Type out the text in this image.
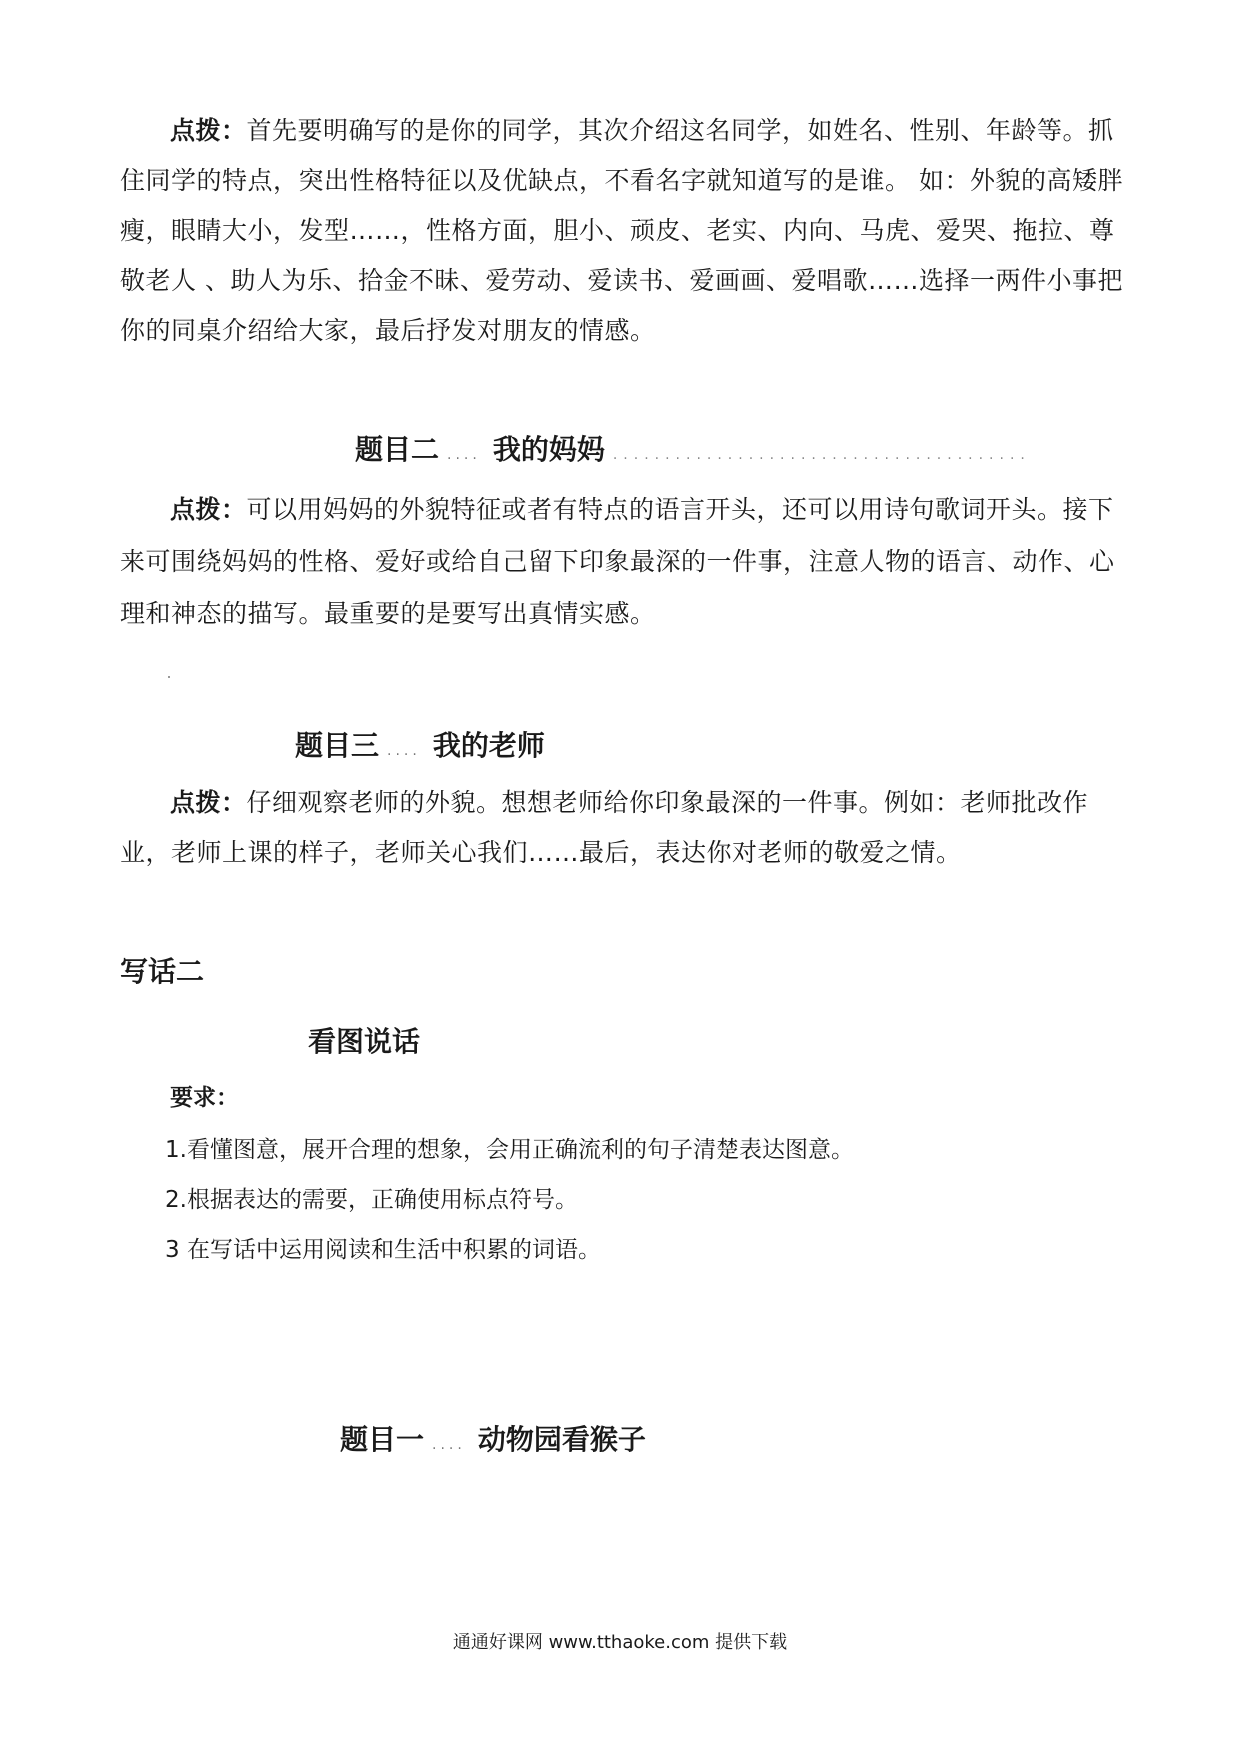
点拨：首先要明确写的是你的同学，其次介绍这名同学，如姓名、性别、年龄等。抓住同学的特点，突出性格特征以及优缺点，不看名字就知道写的是谁。 如：外貌的高矮胖瘦，眼睛大小，发型……，性格方面，胆小、顽皮、老实、内向、马虎、爱哭、拖拉、尊敬老人 、助人为乐、拾金不昧、爱劳动、爱读书、爱画画、爱唱歌……选择一两件小事把你的同桌介绍给大家，最后抒发对朋友的情感。

题目二 .... 我的妈妈 ........................................

点拨：可以用妈妈的外貌特征或者有特点的语言开头，还可以用诗句歌词开头。接下来可围绕妈妈的性格、爱好或给自己留下印象最深的一件事，注意人物的语言、动作、心理和神态的描写。最重要的是要写出真情实感。

题目三 .... 我的老师

点拨：仔细观察老师的外貌。想想老师给你印象最深的一件事。例如：老师批改作业，老师上课的样子，老师关心我们……最后，表达你对老师的敬爱之情。

写话二
看图说话
要求：
1.看懂图意，展开合理的想象，会用正确流利的句子清楚表达图意。
2.根据表达的需要，正确使用标点符号。
3 在写话中运用阅读和生活中积累的词语。
题目一 .... 动物园看猴子
通通好课网 www.tthaoke.com 提供下载
